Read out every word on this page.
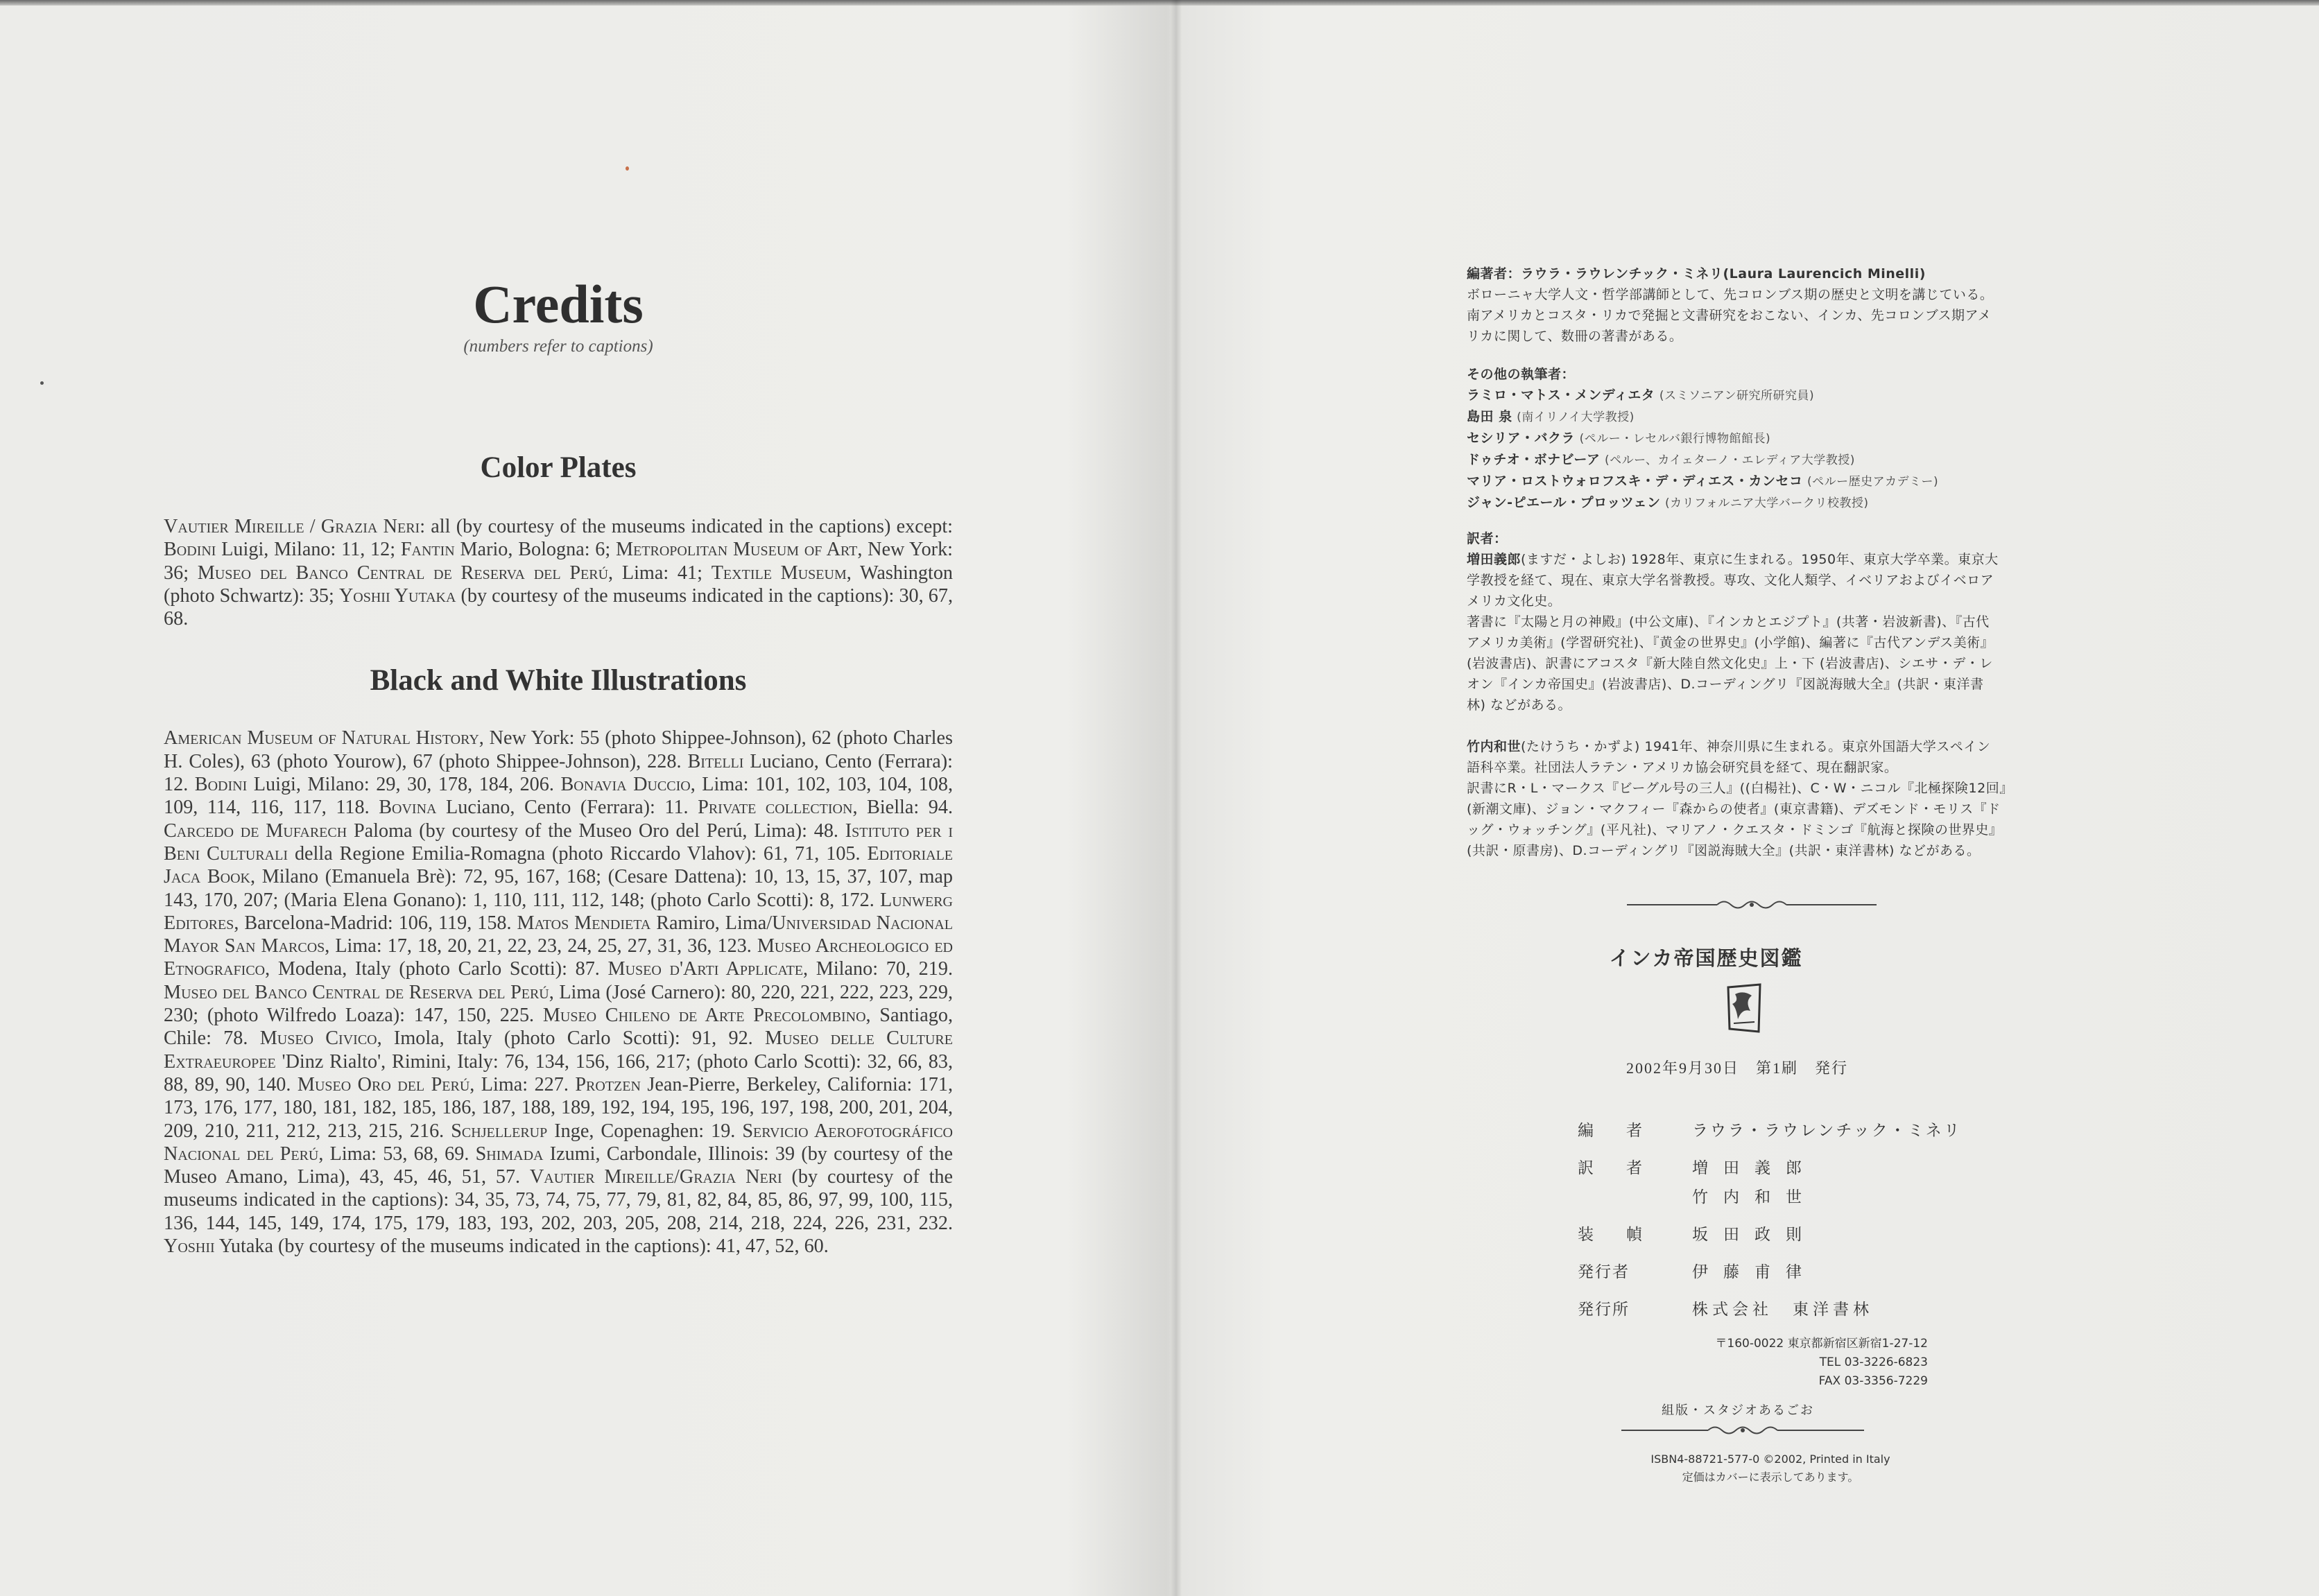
Credits
(numbers refer to captions)
Color Plates

Vautier Mireille / Grazia Neri: all (by courtesy of the museums indicated in the captions) except: Bodini Luigi, Milano: 11, 12; Fantin Mario, Bologna: 6; Metropolitan Museum of Art, New York: 36; Museo del Banco Central de Reserva del Perú, Lima: 41; Textile Museum, Washington (photo Schwartz): 35; Yoshii Yutaka (by courtesy of the museums indicated in the captions): 30, 67, 68.

Black and White Illustrations

American Museum of Natural History, New York: 55 (photo Shippee-Johnson), 62 (photo Charles H. Coles), 63 (photo Yourow), 67 (photo Shippee-Johnson), 228. Bitelli Luciano, Cento (Ferrara): 12. Bodini Luigi, Milano: 29, 30, 178, 184, 206. Bonavia Duccio, Lima: 101, 102, 103, 104, 108, 109, 114, 116, 117, 118. Bovina Luciano, Cento (Ferrara): 11. Private collection, Biella: 94. Carcedo de Mufarech Paloma (by courtesy of the Museo Oro del Perú, Lima): 48. Istituto per i Beni Culturali della Regione Emilia-Romagna (photo Riccardo Vlahov): 61, 71, 105. Editoriale Jaca Book, Milano (Emanuela Brè): 72, 95, 167, 168; (Cesare Dattena): 10, 13, 15, 37, 107, map 143, 170, 207; (Maria Elena Gonano): 1, 110, 111, 112, 148; (photo Carlo Scotti): 8, 172. Lunwerg Editores, Barcelona-Madrid: 106, 119, 158. Matos Mendieta Ramiro, Lima/Universidad Nacional Mayor San Marcos, Lima: 17, 18, 20, 21, 22, 23, 24, 25, 27, 31, 36, 123. Museo Archeologico ed Etnografico, Modena, Italy (photo Carlo Scotti): 87. Museo d'Arti Applicate, Milano: 70, 219. Museo del Banco Central de Reserva del Perú, Lima (José Carnero): 80, 220, 221, 222, 223, 229, 230; (photo Wilfredo Loaza): 147, 150, 225. Museo Chileno de Arte Precolombino, Santiago, Chile: 78. Museo Civico, Imola, Italy (photo Carlo Scotti): 91, 92. Museo delle Culture Extraeuropee 'Dinz Rialto', Rimini, Italy: 76, 134, 156, 166, 217; (photo Carlo Scotti): 32, 66, 83, 88, 89, 90, 140. Museo Oro del Perú, Lima: 227. Protzen Jean-Pierre, Berkeley, California: 171, 173, 176, 177, 180, 181, 182, 185, 186, 187, 188, 189, 192, 194, 195, 196, 197, 198, 200, 201, 204, 209, 210, 211, 212, 213, 215, 216. Schjellerup Inge, Copenaghen: 19. Servicio Aerofotográfico Nacional del Perú, Lima: 53, 68, 69. Shimada Izumi, Carbondale, Illinois: 39 (by courtesy of the Museo Amano, Lima), 43, 45, 46, 51, 57. Vautier Mireille/Grazia Neri (by courtesy of the museums indicated in the captions): 34, 35, 73, 74, 75, 77, 79, 81, 82, 84, 85, 86, 97, 99, 100, 115, 136, 144, 145, 149, 174, 175, 179, 183, 193, 202, 203, 205, 208, 214, 218, 224, 226, 231, 232. Yoshii Yutaka (by courtesy of the museums indicated in the captions): 41, 47, 52, 60.

編著者：ラウラ・ラウレンチック・ミネリ(Laura Laurencich Minelli)
ボローニャ大学人文・哲学部講師として、先コロンブス期の歴史と文明を講じている。
南アメリカとコスタ・リカで発掘と文書研究をおこない、インカ、先コロンブス期アメ
リカに関して、数冊の著書がある。
その他の執筆者：
ラミロ・マトス・メンディエタ (スミソニアン研究所研究員)
島田 泉 (南イリノイ大学教授)
セシリア・バクラ (ペルー・レセルバ銀行博物館館長)
ドゥチオ・ボナビーア (ペルー、カイェターノ・エレディア大学教授)
マリア・ロストウォロフスキ・デ・ディエス・カンセコ (ペルー歴史アカデミー)
ジャン-ピエール・プロッツェン (カリフォルニア大学バークリ校教授)
訳者：
増田義郎(ますだ・よしお) 1928年、東京に生まれる。1950年、東京大学卒業。東京大
学教授を経て、現在、東京大学名誉教授。専攻、文化人類学、イベリアおよびイベロア
メリカ文化史。
著書に『太陽と月の神殿』(中公文庫)、『インカとエジプト』(共著・岩波新書)、『古代
アメリカ美術』(学習研究社)、『黄金の世界史』(小学館)、編著に『古代アンデス美術』
(岩波書店)、訳書にアコスタ『新大陸自然文化史』上・下 (岩波書店)、シエサ・デ・レ
オン『インカ帝国史』(岩波書店)、D.コーディングリ『図説海賊大全』(共訳・東洋書
林) などがある。
竹内和世(たけうち・かずよ) 1941年、神奈川県に生まれる。東京外国語大学スペイン
語科卒業。社団法人ラテン・アメリカ協会研究員を経て、現在翻訳家。
訳書にR・L・マークス『ビーグル号の三人』((白楊社)、C・W・ニコル『北極探険12回』
(新潮文庫)、ジョン・マクフィー『森からの使者』(東京書籍)、デズモンド・モリス『ド
ッグ・ウォッチング』(平凡社)、マリアノ・クエスタ・ドミンゴ『航海と探険の世界史』
(共訳・原書房)、D.コーディングリ『図説海賊大全』(共訳・東洋書林) などがある。
インカ帝国歴史図鑑
2002年9月30日　第1刷　発行
編　者	ラウラ・ラウレンチック・ミネリ
訳　者	増田義郎
竹内和世
装　幀	坂田政則
発行者	伊藤甫律
発行所	株式会社　東洋書林
〒160-0022 東京都新宿区新宿1-27-12
TEL 03-3226-6823
FAX 03-3356-7229
組版・スタジオあるごお
ISBN4-88721-577-0 ©2002, Printed in Italy
定価はカバーに表示してあります。
